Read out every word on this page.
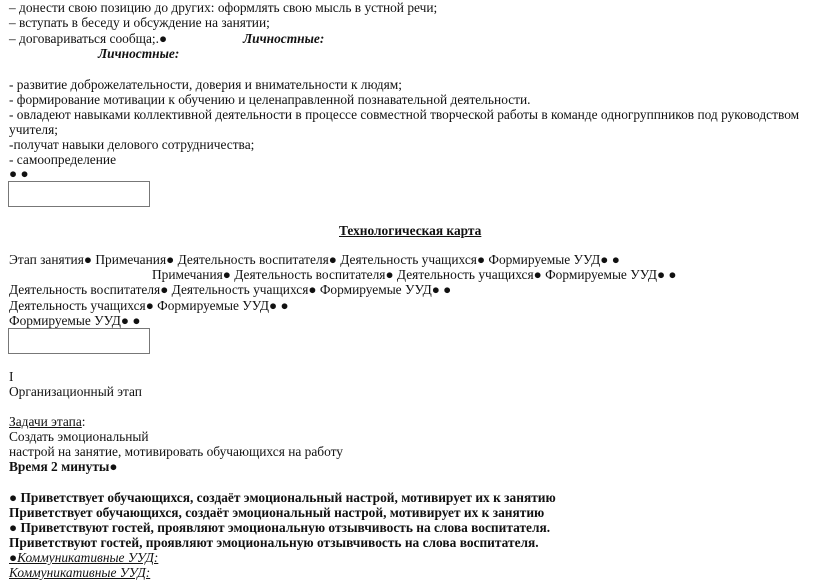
– донести свою позицию до других: оформлять свою мысль в устной речи;
– вступать в беседу и обсуждение на занятии;
– договариваться сообща;.●	Личностные:
Личностные:
- развитие доброжелательности, доверия и внимательности к людям;
- формирование мотивации к обучению и целенаправленной познавательной деятельности.
- овладеют навыками коллективной деятельности в процессе совместной творческой работы в команде одногруппников под руководством
учителя;
-получат навыки делового сотрудничества;
- самоопределение
● ●
Технологическая карта
Этап занятия● Примечания● Деятельность воспитателя● Деятельность учащихся● Формируемые УУД● ●
Примечания● Деятельность воспитателя● Деятельность учащихся● Формируемые УУД● ●
Деятельность воспитателя● Деятельность учащихся● Формируемые УУД● ●
Деятельность учащихся● Формируемые УУД● ●
Формируемые УУД● ●
I
Организационный этап
Задачи этапа:
Создать эмоциональный
настрой на занятие, мотивировать обучающихся на работу
Время 2 минуты●
● Приветствует обучающихся, создаёт эмоциональный настрой, мотивирует их к занятию
Приветствует обучающихся, создаёт эмоциональный настрой, мотивирует их к занятию
● Приветствуют гостей, проявляют эмоциональную отзывчивость на слова воспитателя.
Приветствуют гостей, проявляют эмоциональную отзывчивость на слова воспитателя.
●Коммуникативные УУД:
Коммуникативные УУД:
